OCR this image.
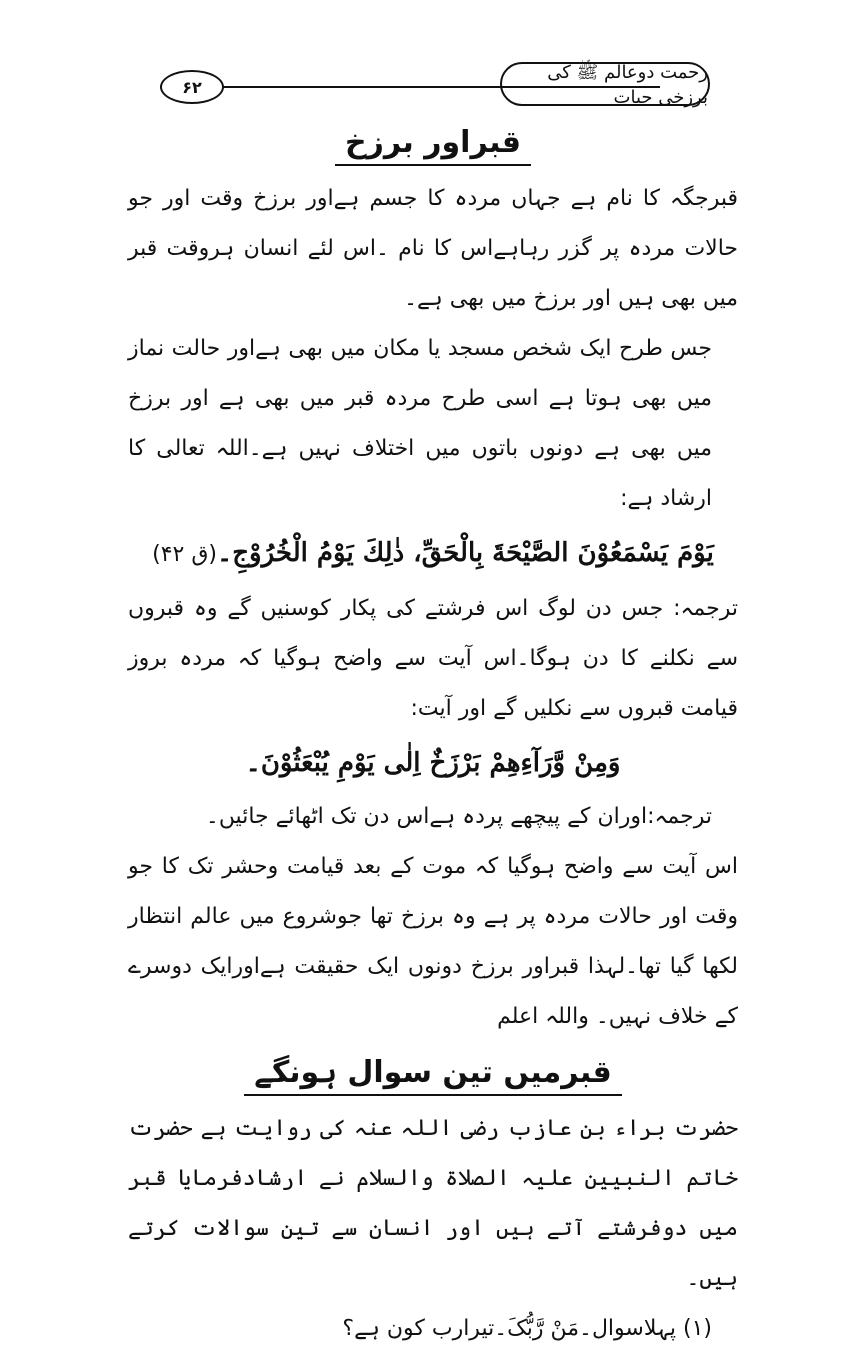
۶۲
رحمت دوعالم ﷺ کی برزخی حیات

قبراور برزخ

قبرجگہ کا نام ہے جہاں مردہ کا جسم ہےاور برزخ وقت اور جو حالات مردہ پر گزر رہاہےاس کا نام ۔اس لئے انسان ہروقت قبر میں بھی ہیں اور برزخ میں بھی ہے۔

جس طرح ایک شخص مسجد یا مکان میں بھی ہےاور حالت نماز میں بھی ہوتا ہے اسی طرح مردہ قبر میں بھی ہے اور برزخ میں بھی ہے دونوں باتوں میں اختلاف نہیں ہے۔اللہ تعالی کا ارشاد ہے:

يَوْمَ يَسْمَعُوْنَ الصَّيْحَةَ بِالْحَقِّ، ذٰلِكَ يَوْمُ الْخُرُوْجِ۔(ق ۴۲)

ترجمہ: جس دن لوگ اس فرشتے کی پکار کوسنیں گے وہ قبروں سے نکلنے کا دن ہوگا۔اس آیت سے واضح ہوگیا کہ مردہ بروز قیامت قبروں سے نکلیں گے اور آیت:

وَمِنْ وَّرَآءِهِمْ بَرْزَخٌ اِلٰى يَوْمِ يُبْعَثُوْنَ۔

ترجمہ:اوران کے پیچھے پردہ ہےاس دن تک اٹھائے جائیں۔

اس آیت سے واضح ہوگیا کہ موت کے بعد قیامت وحشر تک کا جو وقت اور حالات مردہ پر ہے وہ برزخ تھا جوشروع میں عالم انتظار لکھا گیا تھا۔لہذا قبراور برزخ دونوں ایک حقیقت ہےاورایک دوسرے کے خلاف نہیں۔ واللہ اعلم

قبرمیں تین سوال ہونگے

حضرت براء بن عازب رضی اللہ عنہ کی روایت ہے حضرت خاتم النبیین علیہ الصلاۃ والسلام نے ارشادفرمایا قبر میں دوفرشتے آتے ہیں اور انسان سے تین سوالات کرتے ہیں۔

(۱) پہلاسوال۔مَنْ رَّبُّکَ۔تیرارب کون ہے؟
